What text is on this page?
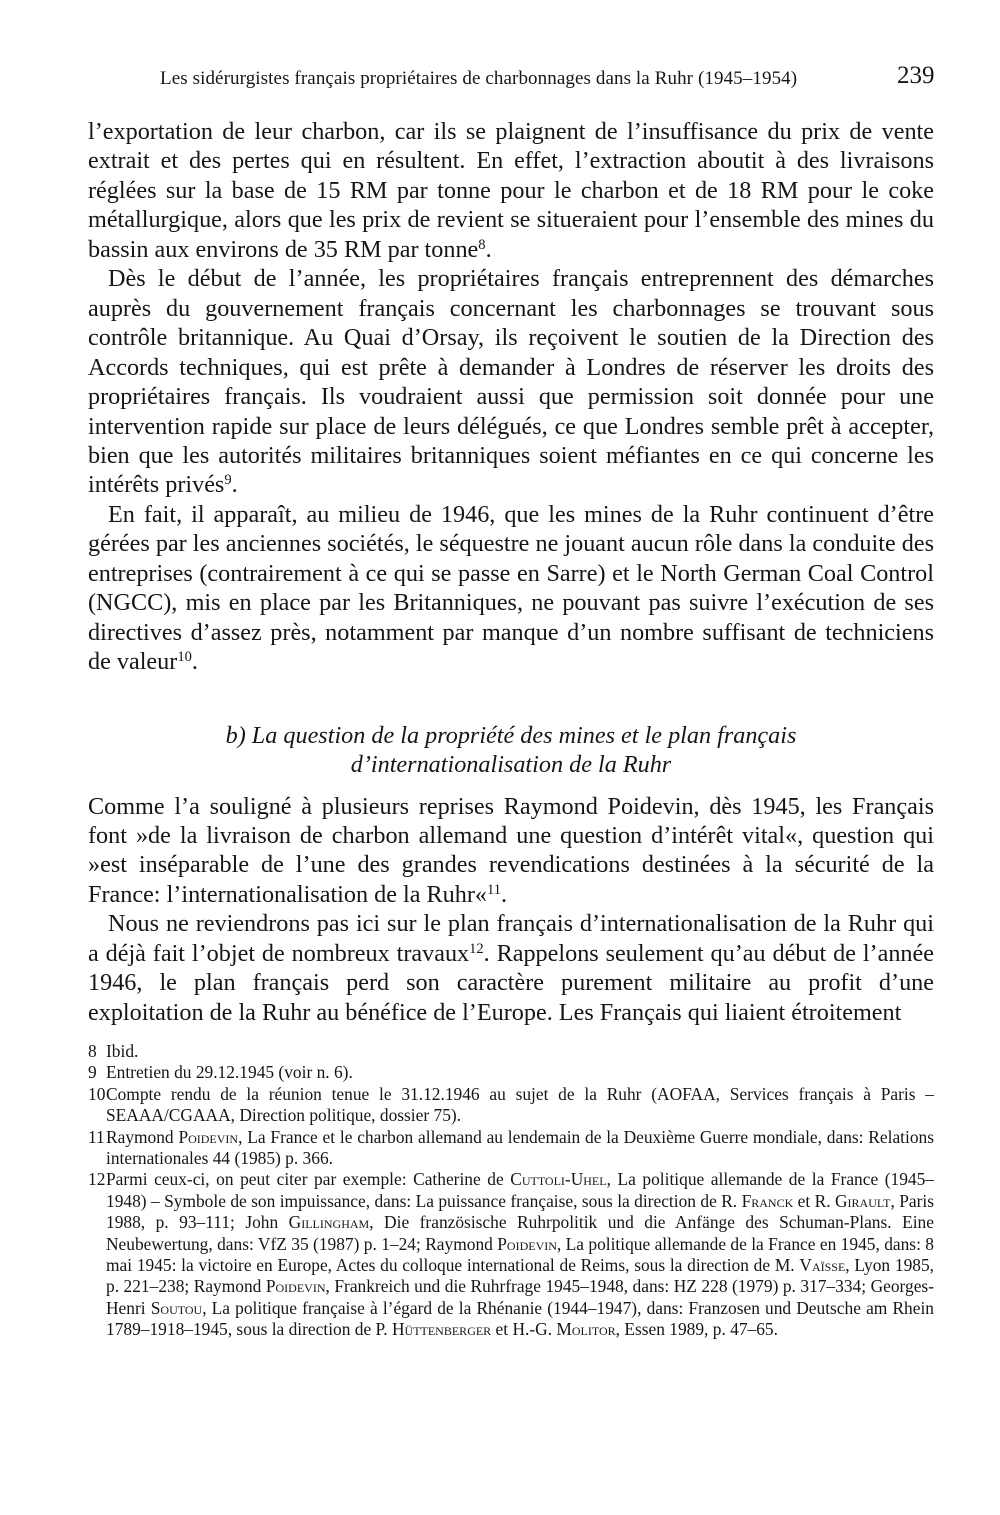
Les sidérurgistes français propriétaires de charbonnages dans la Ruhr (1945–1954)	239

l’exportation de leur charbon, car ils se plaignent de l’insuffisance du prix de vente extrait et des pertes qui en résultent. En effet, l’extraction aboutit à des livraisons réglées sur la base de 15 RM par tonne pour le charbon et de 18 RM pour le coke métallurgique, alors que les prix de revient se situeraient pour l’ensemble des mines du bassin aux environs de 35 RM par tonne$^8$.

Dès le début de l’année, les propriétaires français entreprennent des démarches auprès du gouvernement français concernant les charbonnages se trouvant sous contrôle britannique. Au Quai d’Orsay, ils reçoivent le soutien de la Direction des Accords techniques, qui est prête à demander à Londres de réserver les droits des propriétaires français. Ils voudraient aussi que permission soit donnée pour une intervention rapide sur place de leurs délégués, ce que Londres semble prêt à accepter, bien que les autorités militaires britanniques soient méfiantes en ce qui concerne les intérêts privés$^9$.

En fait, il apparaît, au milieu de 1946, que les mines de la Ruhr continuent d’être gérées par les anciennes sociétés, le séquestre ne jouant aucun rôle dans la conduite des entreprises (contrairement à ce qui se passe en Sarre) et le North German Coal Control (NGCC), mis en place par les Britanniques, ne pouvant pas suivre l’exécution de ses directives d’assez près, notamment par manque d’un nombre suffisant de techniciens de valeur$^{10}$.

b) La question de la propriété des mines et le plan français
d’internationalisation de la Ruhr

Comme l’a souligné à plusieurs reprises Raymond Poidevin, dès 1945, les Français font »de la livraison de charbon allemand une question d’intérêt vital«, question qui »est inséparable de l’une des grandes revendications destinées à la sécurité de la France: l’internationalisation de la Ruhr«$^{11}$.

Nous ne reviendrons pas ici sur le plan français d’internationalisation de la Ruhr qui a déjà fait l’objet de nombreux travaux$^{12}$. Rappelons seulement qu’au début de l’année 1946, le plan français perd son caractère purement militaire au profit d’une exploitation de la Ruhr au bénéfice de l’Europe. Les Français qui liaient étroitement

8 Ibid.
9 Entretien du 29.12.1945 (voir n. 6).
10 Compte rendu de la réunion tenue le 31.12.1946 au sujet de la Ruhr (AOFAA, Services français à Paris – SEAAA/CGAAA, Direction politique, dossier 75).
11 Raymond Poidevin, La France et le charbon allemand au lendemain de la Deuxième Guerre mondiale, dans: Relations internationales 44 (1985) p. 366.
12 Parmi ceux-ci, on peut citer par exemple: Catherine de Cuttoli-Uhel, La politique allemande de la France (1945–1948) – Symbole de son impuissance, dans: La puissance française, sous la direction de R. Franck et R. Girault, Paris 1988, p. 93–111; John Gillingham, Die französische Ruhrpolitik und die Anfänge des Schuman-Plans. Eine Neubewertung, dans: VfZ 35 (1987) p. 1–24; Raymond Poidevin, La politique allemande de la France en 1945, dans: 8 mai 1945: la victoire en Europe, Actes du colloque international de Reims, sous la direction de M. Vaïsse, Lyon 1985, p. 221–238; Raymond Poidevin, Frankreich und die Ruhrfrage 1945–1948, dans: HZ 228 (1979) p. 317–334; Georges-Henri Soutou, La politique française à l’égard de la Rhénanie (1944–1947), dans: Franzosen und Deutsche am Rhein 1789–1918–1945, sous la direction de P. Hüttenberger et H.-G. Molitor, Essen 1989, p. 47–65.
